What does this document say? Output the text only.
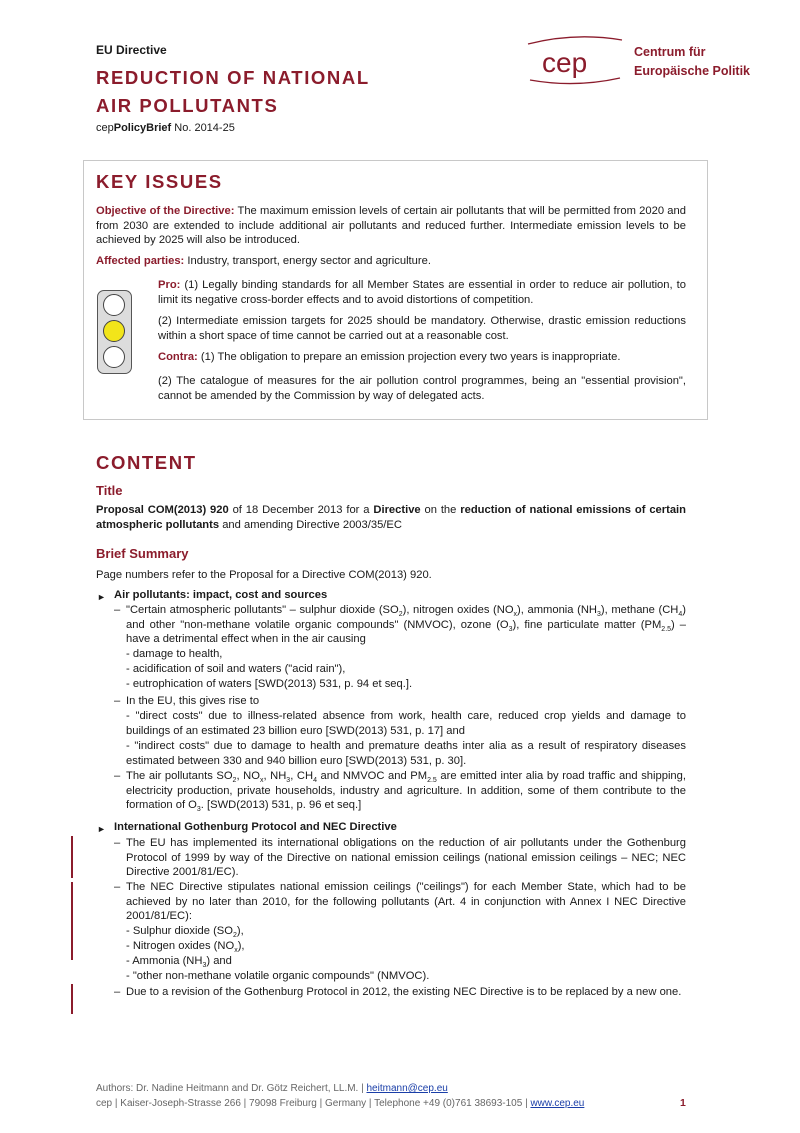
EU Directive
REDUCTION OF NATIONAL
AIR POLLUTANTS
cepPolicyBrief No. 2014-25
cep	Centrum für
Europäische Politik
KEY ISSUES
Objective of the Directive: The maximum emission levels of certain air pollutants that will be permitted from 2020 and from 2030 are extended to include additional air pollutants and reduced further. Intermediate emission levels to be achieved by 2025 will also be introduced.
Affected parties: Industry, transport, energy sector and agriculture.
Pro: (1) Legally binding standards for all Member States are essential in order to reduce air pollution, to limit its negative cross-border effects and to avoid distortions of competition.
(2) Intermediate emission targets for 2025 should be mandatory. Otherwise, drastic emission reductions within a short space of time cannot be carried out at a reasonable cost.
Contra: (1) The obligation to prepare an emission projection every two years is inappropriate.
(2) The catalogue of measures for the air pollution control programmes, being an "essential provision", cannot be amended by the Commission by way of delegated acts.
CONTENT
Title
Proposal COM(2013) 920 of 18 December 2013 for a Directive on the reduction of national emissions of certain atmospheric pollutants and amending Directive 2003/35/EC
Brief Summary
Page numbers refer to the Proposal for a Directive COM(2013) 920.
► Air pollutants: impact, cost and sources
– "Certain atmospheric pollutants" – sulphur dioxide $(SO_2)$, nitrogen oxides $(NO_x)$, ammonia $(NH_3)$, methane $(CH_4)$ and other "non-methane volatile organic compounds" (NMVOC), ozone $(O_3)$, fine particulate matter $(PM_{2.5})$ – have a detrimental effect when in the air causing
- damage to health,
- acidification of soil and waters ("acid rain"),
- eutrophication of waters [SWD(2013) 531, p. 94 et seq.].
– In the EU, this gives rise to
- "direct costs" due to illness-related absence from work, health care, reduced crop yields and damage to buildings of an estimated 23 billion euro [SWD(2013) 531, p. 17] and
- "indirect costs" due to damage to health and premature deaths inter alia as a result of respiratory diseases estimated between 330 and 940 billion euro [SWD(2013) 531, p. 30].
– The air pollutants $SO_2$, $NO_x$, $NH_3$, $CH_4$ and NMVOC and $PM_{2.5}$ are emitted inter alia by road traffic and shipping, electricity production, private households, industry and agriculture. In addition, some of them contribute to the formation of $O_3$. [SWD(2013) 531, p. 96 et seq.]
► International Gothenburg Protocol and NEC Directive
– The EU has implemented its international obligations on the reduction of air pollutants under the Gothenburg Protocol of 1999 by way of the Directive on national emission ceilings (national emission ceilings – NEC; NEC Directive 2001/81/EC).
– The NEC Directive stipulates national emission ceilings ("ceilings") for each Member State, which had to be achieved by no later than 2010, for the following pollutants (Art. 4 in conjunction with Annex I NEC Directive 2001/81/EC):
- Sulphur dioxide $(SO_2)$,
- Nitrogen oxides $(NO_x)$,
- Ammonia $(NH_3)$ and
- "other non-methane volatile organic compounds" (NMVOC).
– Due to a revision of the Gothenburg Protocol in 2012, the existing NEC Directive is to be replaced by a new one.
Authors: Dr. Nadine Heitmann and Dr. Götz Reichert, LL.M. | heitmann@cep.eu
cep | Kaiser-Joseph-Strasse 266 | 79098 Freiburg | Germany | Telephone +49 (0)761 38693-105 | www.cep.eu	1
